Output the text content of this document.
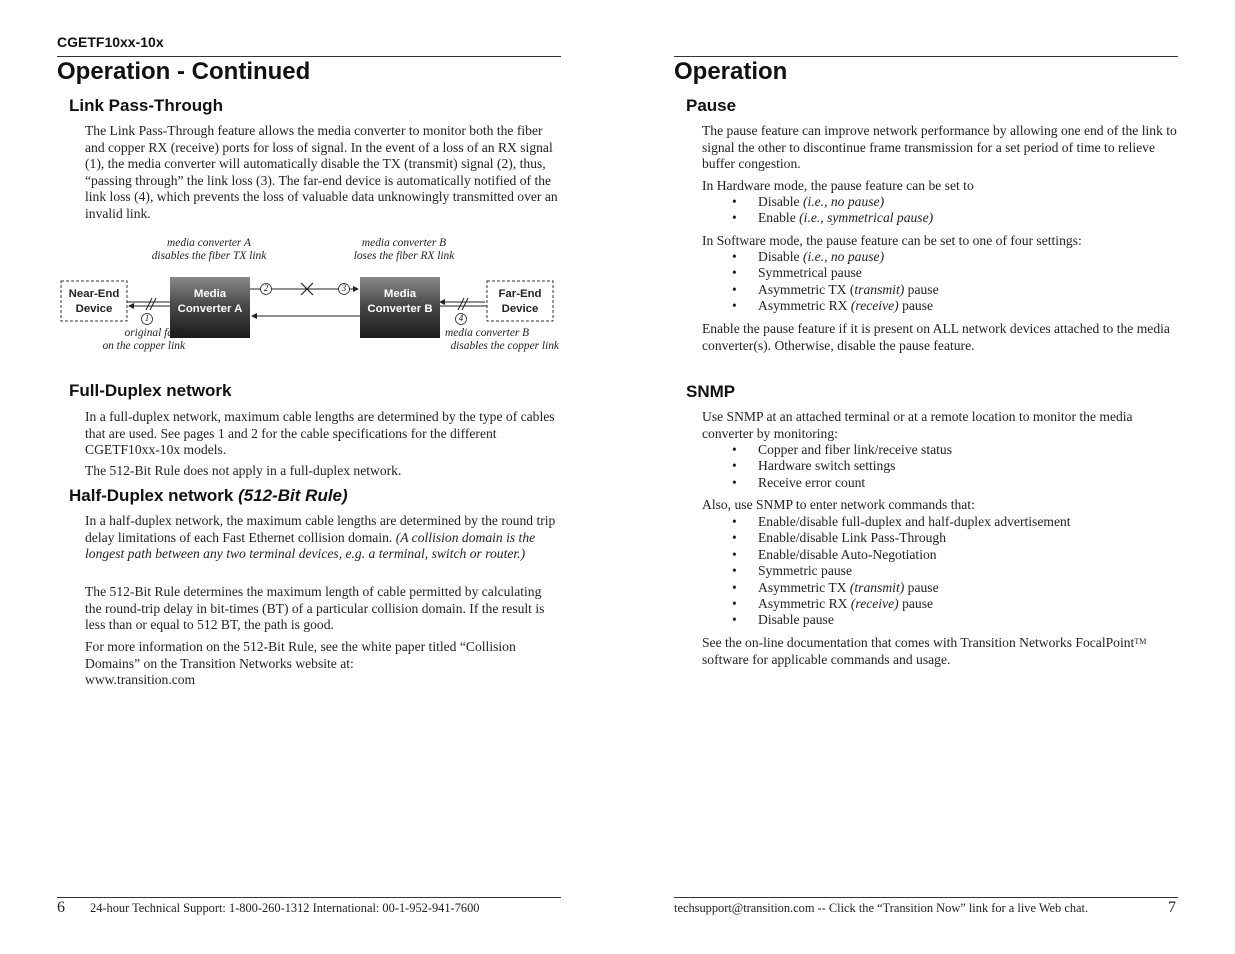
CGETF10xx-10x
Operation - Continued
Link Pass-Through

The Link Pass-Through feature allows the media converter to monitor both the fiber and copper RX (receive) ports for loss of signal. In the event of a loss of an RX signal (1), the media converter will automatically disable the TX (transmit) signal (2), thus, “passing through” the link loss (3). The far-end device is automatically notified of the link loss (4), which prevents the loss of valuable data unknowingly transmitted over an invalid link.

1
2	3
4
media converter A
disables the fiber TX link
media converter B
loses the fiber RX link
Near-End
Device
Far-End
Device
Media
Converter A
Media
Converter B
original fault
on the copper link
media converter B
disables the copper link
Full-Duplex network

In a full-duplex network, maximum cable lengths are determined by the type of cables that are used. See pages 1 and 2 for the cable specifications for the different CGETF10xx-10x models.

The 512-Bit Rule does not apply in a full-duplex network.

Half-Duplex network (512-Bit Rule)

In a half-duplex network, the maximum cable lengths are determined by the round trip delay limitations of each Fast Ethernet collision domain. (A collision domain is the longest path between any two terminal devices, e.g. a terminal, switch or router.)

The 512-Bit Rule determines the maximum length of cable permitted by calculating the round-trip delay in bit-times (BT) of a particular collision domain. If the result is less than or equal to 512 BT, the path is good.

For more information on the 512-Bit Rule, see the white paper titled “Collision Domains” on the Transition Networks website at:
www.transition.com

6 24-hour Technical Support: 1-800-260-1312 International: 00-1-952-941-7600
Operation
Pause

The pause feature can improve network performance by allowing one end of the link to signal the other to discontinue frame transmission for a set period of time to relieve buffer congestion.

In Hardware mode, the pause feature can be set to

• Disable (i.e., no pause)
• Enable (i.e., symmetrical pause)

In Software mode, the pause feature can be set to one of four settings:

• Disable (i.e., no pause)
• Symmetrical pause
• Asymmetric TX (transmit) pause
• Asymmetric RX (receive) pause

Enable the pause feature if it is present on ALL network devices attached to the media converter(s). Otherwise, disable the pause feature.

SNMP

Use SNMP at an attached terminal or at a remote location to monitor the media converter by monitoring:

• Copper and fiber link/receive status
• Hardware switch settings
• Receive error count

Also, use SNMP to enter network commands that:

• Enable/disable full-duplex and half-duplex advertisement
• Enable/disable Link Pass-Through
• Enable/disable Auto-Negotiation
• Symmetric pause
• Asymmetric TX (transmit) pause
• Asymmetric RX (receive) pause
• Disable pause

See the on-line documentation that comes with Transition Networks FocalPoint™ software for applicable commands and usage.

techsupport@transition.com -- Click the “Transition Now” link for a live Web chat.	7
